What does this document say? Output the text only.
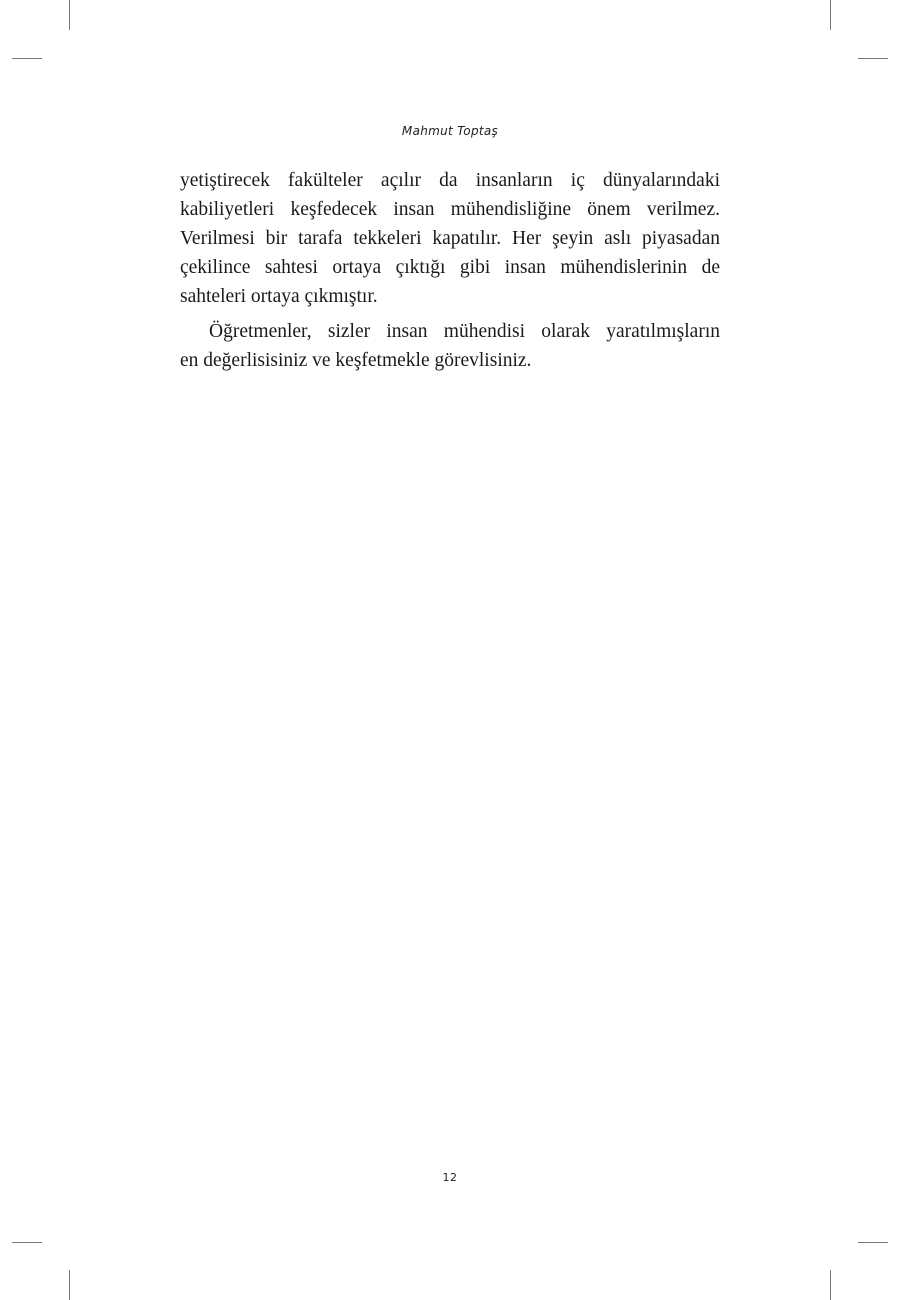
Mahmut Toptaş
yetiştirecek fakülteler açılır da insanların iç dünyalarındaki
kabiliyetleri keşfedecek insan mühendisliğine önem verilmez.
Verilmesi bir tarafa tekkeleri kapatılır. Her şeyin aslı piyasadan
çekilince sahtesi ortaya çıktığı gibi insan mühendislerinin de
sahteleri ortaya çıkmıştır.
Öğretmenler, sizler insan mühendisi olarak yaratılmışların
en değerlisisiniz ve keşfetmekle görevlisiniz.
12
